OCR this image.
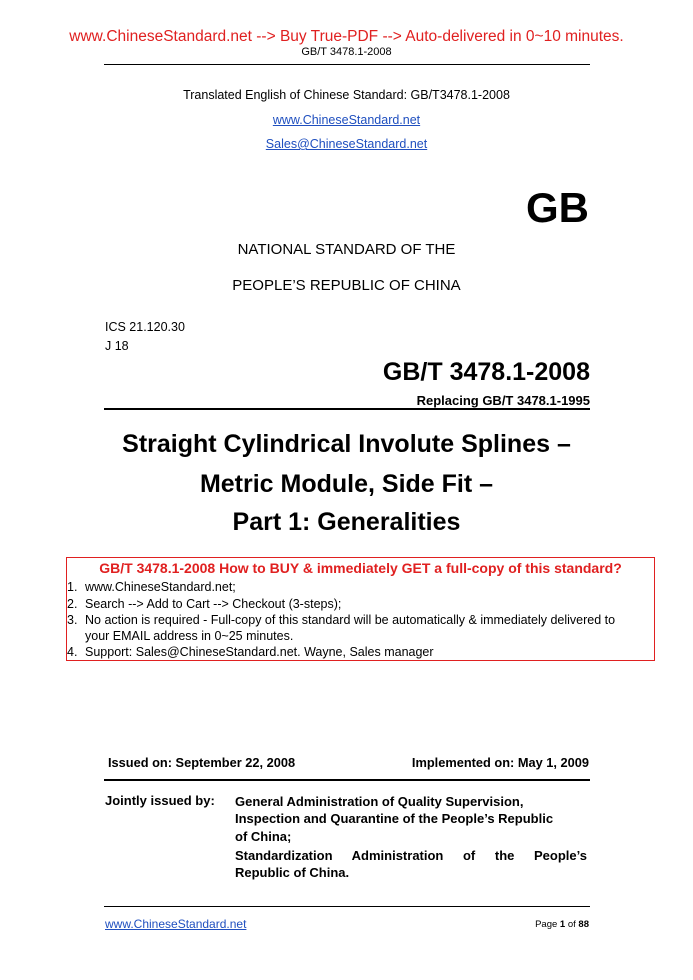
www.ChineseStandard.net --> Buy True-PDF --> Auto-delivered in 0~10 minutes.
GB/T 3478.1-2008
Translated English of Chinese Standard: GB/T3478.1-2008
www.ChineseStandard.net
Sales@ChineseStandard.net
GB
NATIONAL STANDARD OF THE
PEOPLE’S REPUBLIC OF CHINA
ICS 21.120.30
J 18
GB/T 3478.1-2008
Replacing GB/T 3478.1-1995
Straight Cylindrical Involute Splines –
Metric Module, Side Fit –
Part 1: Generalities
GB/T 3478.1-2008 How to BUY & immediately GET a full-copy of this standard?
1. www.ChineseStandard.net;
2. Search --> Add to Cart --> Checkout (3-steps);
3. No action is required - Full-copy of this standard will be automatically & immediately delivered to
your EMAIL address in 0~25 minutes.
4. Support: Sales@ChineseStandard.net. Wayne, Sales manager
Issued on: September 22, 2008	Implemented on: May 1, 2009
Jointly issued by: General Administration of Quality Supervision,
Inspection and Quarantine of the People’s Republic
of China;
Standardization Administration of the People’s
Republic of China.
www.ChineseStandard.net	Page 1 of 88
